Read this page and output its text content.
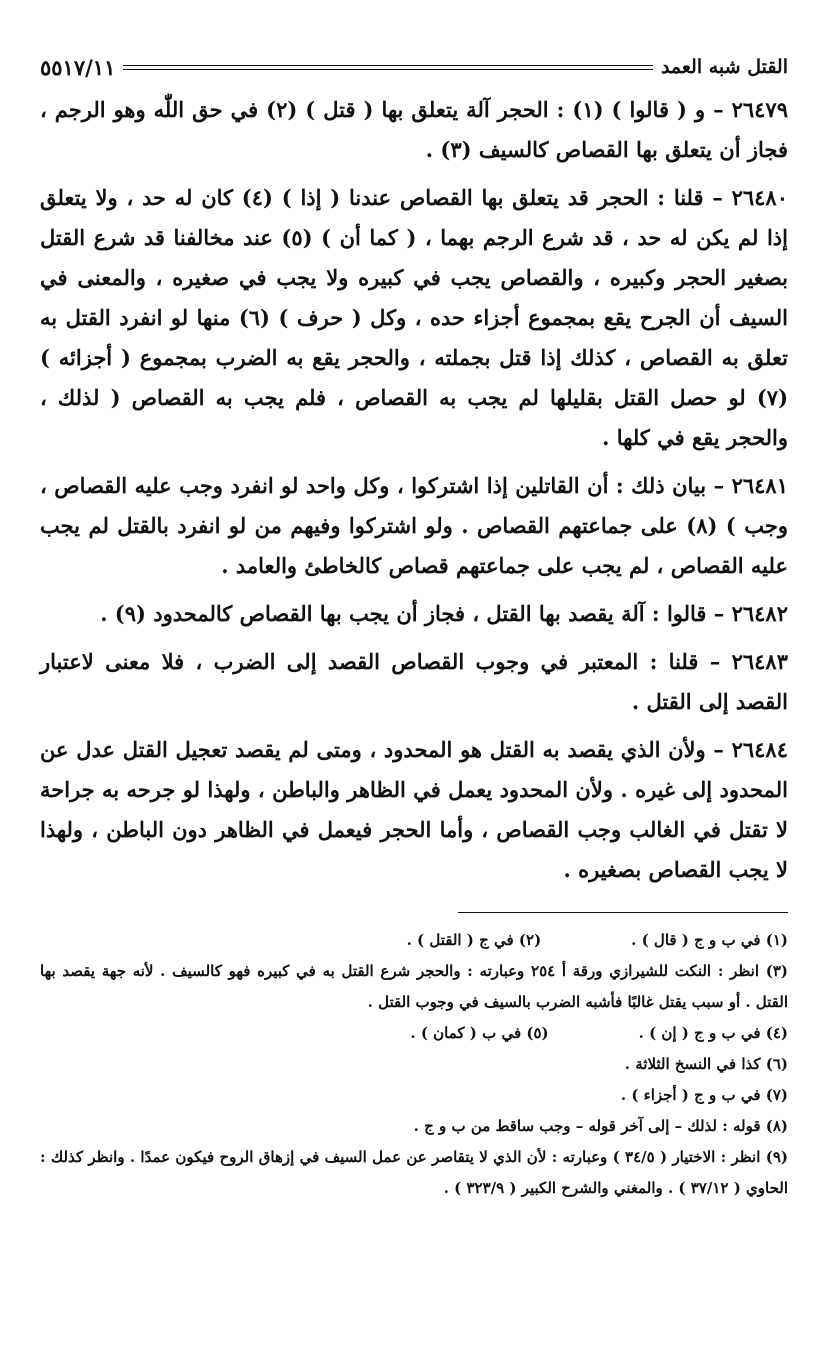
القتل شبه العمد
٥٥١٧/١١

٢٦٤٧٩ – و ( قالوا ) (١) : الحجر آلة يتعلق بها ( قتل ) (٢) في حق اللّٰه وهو الرجم ، فجاز أن يتعلق بها القصاص كالسيف (٣) .

٢٦٤٨٠ – قلنا : الحجر قد يتعلق بها القصاص عندنا ( إذا ) (٤) كان له حد ، ولا يتعلق إذا لم يكن له حد ، قد شرع الرجم بهما ، ( كما أن ) (٥) عند مخالفنا قد شرع القتل بصغير الحجر وكبيره ، والقصاص يجب في كبيره ولا يجب في صغيره ، والمعنى في السيف أن الجرح يقع بمجموع أجزاء حده ، وكل ( حرف ) (٦) منها لو انفرد القتل به تعلق به القصاص ، كذلك إذا قتل بجملته ، والحجر يقع به الضرب بمجموع ( أجزائه ) (٧) لو حصل القتل بقليلها لم يجب به القصاص ، فلم يجب به القصاص ( لذلك ، والحجر يقع في كلها .

٢٦٤٨١ – بيان ذلك : أن القاتلين إذا اشتركوا ، وكل واحد لو انفرد وجب عليه القصاص ، وجب ) (٨) على جماعتهم القصاص . ولو اشتركوا وفيهم من لو انفرد بالقتل لم يجب عليه القصاص ، لم يجب على جماعتهم قصاص كالخاطئ والعامد .

٢٦٤٨٢ – قالوا : آلة يقصد بها القتل ، فجاز أن يجب بها القصاص كالمحدود (٩) .

٢٦٤٨٣ – قلنا : المعتبر في وجوب القصاص القصد إلى الضرب ، فلا معنى لاعتبار القصد إلى القتل .

٢٦٤٨٤ – ولأن الذي يقصد به القتل هو المحدود ، ومتى لم يقصد تعجيل القتل عدل عن المحدود إلى غيره . ولأن المحدود يعمل في الظاهر والباطن ، ولهذا لو جرحه به جراحة لا تقتل في الغالب وجب القصاص ، وأما الحجر فيعمل في الظاهر دون الباطن ، ولهذا لا يجب القصاص بصغيره .

(١) في ب و ج ( قال ) .
(٢) في ج ( القتل ) .

(٣) انظر : النكت للشيرازي ورقة أ ٢٥٤ وعبارته : والحجر شرع القتل به في كبيره فهو كالسيف . لأنه جهة يقصد بها القتل . أو سبب يقتل غالبًا فأشبه الضرب بالسيف في وجوب القتل .

(٤) في ب و ج ( إن ) .
(٥) في ب ( كمان ) .

(٦) كذا في النسخ الثلاثة .

(٧) في ب و ج ( أجزاء ) .

(٨) قوله : لذلك – إلى آخر قوله – وجب ساقط من ب و ج .

(٩) انظر : الاختيار ( ٣٤/٥ ) وعبارته : لأن الذي لا يتقاصر عن عمل السيف في إزهاق الروح فيكون عمدًا . وانظر كذلك : الحاوي ( ٣٧/١٢ ) . والمغني والشرح الكبير ( ٣٢٣/٩ ) .
